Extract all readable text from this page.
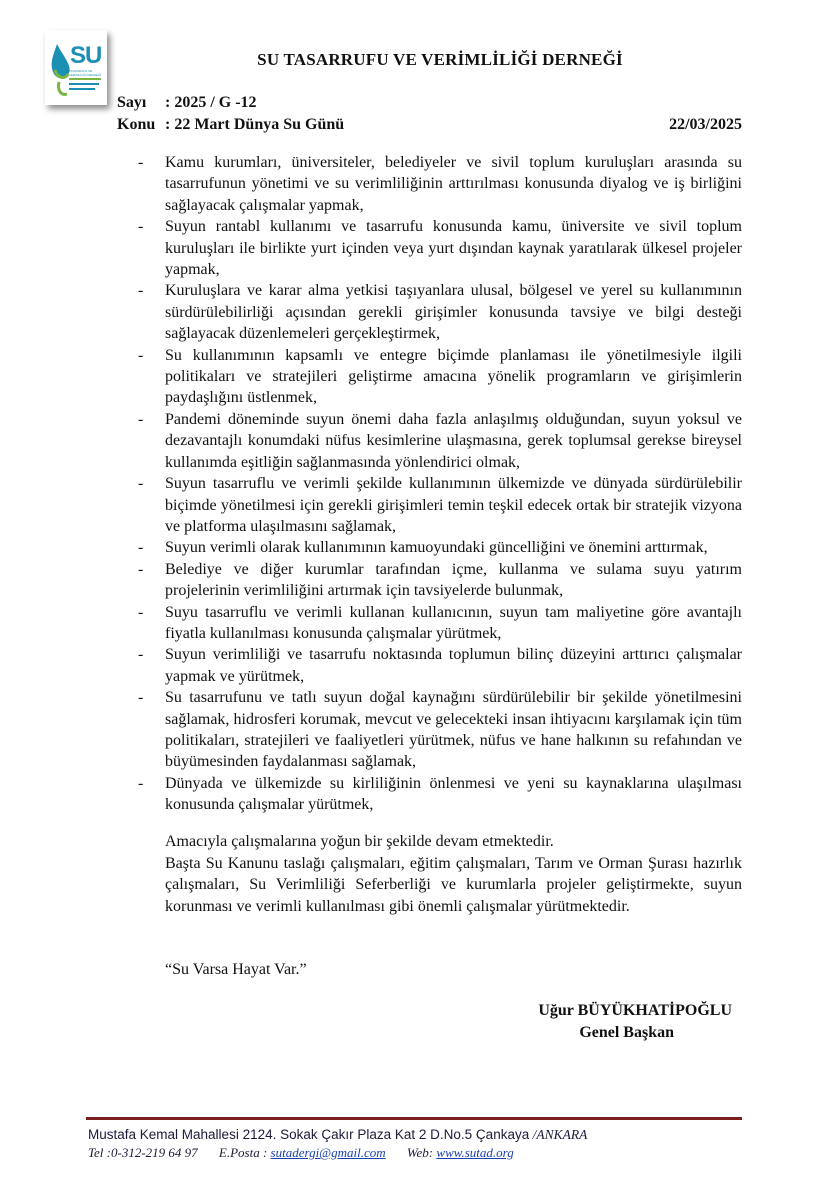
SU
TASARRUFU VE VERİMLİLİĞİ DERNEĞİ
SU TASARRUFU VE VERİMLİLİĞİ DERNEĞİ
Sayı : 2025 / G -12
Konu : 22 Mart Dünya Su Günü	22/03/2025
- Kamu kurumları, üniversiteler, belediyeler ve sivil toplum kuruluşları arasında su tasarrufunun yönetimi ve su verimliliğinin arttırılması konusunda diyalog ve iş birliğini sağlayacak çalışmalar yapmak,
- Suyun rantabl kullanımı ve tasarrufu konusunda kamu, üniversite ve sivil toplum kuruluşları ile birlikte yurt içinden veya yurt dışından kaynak yaratılarak ülkesel projeler yapmak,
- Kuruluşlara ve karar alma yetkisi taşıyanlara ulusal, bölgesel ve yerel su kullanımının sürdürülebilirliği açısından gerekli girişimler konusunda tavsiye ve bilgi desteği sağlayacak düzenlemeleri gerçekleştirmek,
- Su kullanımının kapsamlı ve entegre biçimde planlaması ile yönetilmesiyle ilgili politikaları ve stratejileri geliştirme amacına yönelik programların ve girişimlerin paydaşlığını üstlenmek,
- Pandemi döneminde suyun önemi daha fazla anlaşılmış olduğundan, suyun yoksul ve dezavantajlı konumdaki nüfus kesimlerine ulaşmasına, gerek toplumsal gerekse bireysel kullanımda eşitliğin sağlanmasında yönlendirici olmak,
- Suyun tasarruflu ve verimli şekilde kullanımının ülkemizde ve dünyada sürdürülebilir biçimde yönetilmesi için gerekli girişimleri temin teşkil edecek ortak bir stratejik vizyona ve platforma ulaşılmasını sağlamak,
- Suyun verimli olarak kullanımının kamuoyundaki güncelliğini ve önemini arttırmak,
- Belediye ve diğer kurumlar tarafından içme, kullanma ve sulama suyu yatırım projelerinin verimliliğini artırmak için tavsiyelerde bulunmak,
- Suyu tasarruflu ve verimli kullanan kullanıcının, suyun tam maliyetine göre avantajlı fiyatla kullanılması konusunda çalışmalar yürütmek,
- Suyun verimliliği ve tasarrufu noktasında toplumun bilinç düzeyini arttırıcı çalışmalar yapmak ve yürütmek,
- Su tasarrufunu ve tatlı suyun doğal kaynağını sürdürülebilir bir şekilde yönetilmesini sağlamak, hidrosferi korumak, mevcut ve gelecekteki insan ihtiyacını karşılamak için tüm politikaları, stratejileri ve faaliyetleri yürütmek, nüfus ve hane halkının su refahından ve büyümesinden faydalanması sağlamak,
- Dünyada ve ülkemizde su kirliliğinin önlenmesi ve yeni su kaynaklarına ulaşılması konusunda çalışmalar yürütmek,

Amacıyla çalışmalarına yoğun bir şekilde devam etmektedir.

Başta Su Kanunu taslağı çalışmaları, eğitim çalışmaları, Tarım ve Orman Şurası hazırlık çalışmaları, Su Verimliliği Seferberliği ve kurumlarla projeler geliştirmekte, suyun korunması ve verimli kullanılması gibi önemli çalışmalar yürütmektedir.

“Su Varsa Hayat Var.”
Uğur BÜYÜKHATİPOĞLU
Genel Başkan
Mustafa Kemal Mahallesi 2124. Sokak Çakır Plaza Kat 2 D.No.5 Çankaya /ANKARA
Tel :0-312-219 64 97 E.Posta : sutadergi@gmail.com Web: www.sutad.org
